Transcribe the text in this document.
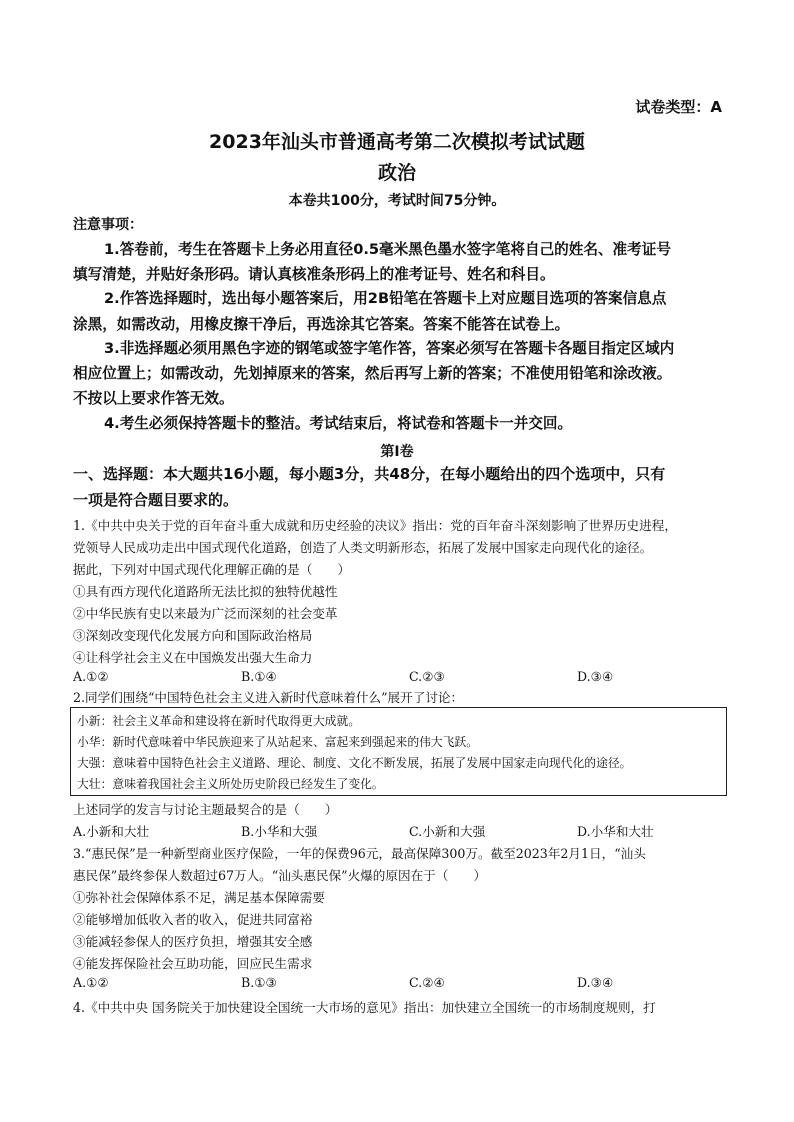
试卷类型：A
2023年汕头市普通高考第二次模拟考试试题
政治
本卷共100分，考试时间75分钟。
注意事项：
1.答卷前，考生在答题卡上务必用直径0.5毫米黑色墨水签字笔将自己的姓名、准考证号
填写清楚，并贴好条形码。请认真核准条形码上的准考证号、姓名和科目。
2.作答选择题时，选出每小题答案后，用2B铅笔在答题卡上对应题目选项的答案信息点
涂黑，如需改动，用橡皮擦干净后，再选涂其它答案。答案不能答在试卷上。
3.非选择题必须用黑色字迹的钢笔或签字笔作答，答案必须写在答题卡各题目指定区域内
相应位置上；如需改动，先划掉原来的答案，然后再写上新的答案；不准使用铅笔和涂改液。
不按以上要求作答无效。
4.考生必须保持答题卡的整洁。考试结束后，将试卷和答题卡一并交回。
第Ⅰ卷
一、选择题：本大题共16小题，每小题3分，共48分，在每小题给出的四个选项中，只有
一项是符合题目要求的。
1.《中共中央关于党的百年奋斗重大成就和历史经验的决议》指出：党的百年奋斗深刻影响了世界历史进程，
党领导人民成功走出中国式现代化道路，创造了人类文明新形态，拓展了发展中国家走向现代化的途径。
据此，下列对中国式现代化理解正确的是（　　）
①具有西方现代化道路所无法比拟的独特优越性
②中华民族有史以来最为广泛而深刻的社会变革
③深刻改变现代化发展方向和国际政治格局
④让科学社会主义在中国焕发出强大生命力
A.①②	B.①④	C.②③	D.③④
2.同学们围绕“中国特色社会主义进入新时代意味着什么”展开了讨论：
小新：社会主义革命和建设将在新时代取得更大成就。
小华：新时代意味着中华民族迎来了从站起来、富起来到强起来的伟大飞跃。
大强：意味着中国特色社会主义道路、理论、制度、文化不断发展，拓展了发展中国家走向现代化的途径。
大壮：意味着我国社会主义所处历史阶段已经发生了变化。
上述同学的发言与讨论主题最契合的是（　　）
A.小新和大壮	B.小华和大强	C.小新和大强	D.小华和大壮
3.“惠民保”是一种新型商业医疗保险，一年的保费96元，最高保障300万。截至2023年2月1日，“汕头
惠民保”最终参保人数超过67万人。“汕头惠民保”火爆的原因在于（　　）
①弥补社会保障体系不足，满足基本保障需要
②能够增加低收入者的收入，促进共同富裕
③能减轻参保人的医疗负担，增强其安全感
④能发挥保险社会互助功能，回应民生需求
A.①②	B.①③	C.②④	D.③④
4.《中共中央 国务院关于加快建设全国统一大市场的意见》指出：加快建立全国统一的市场制度规则，打
